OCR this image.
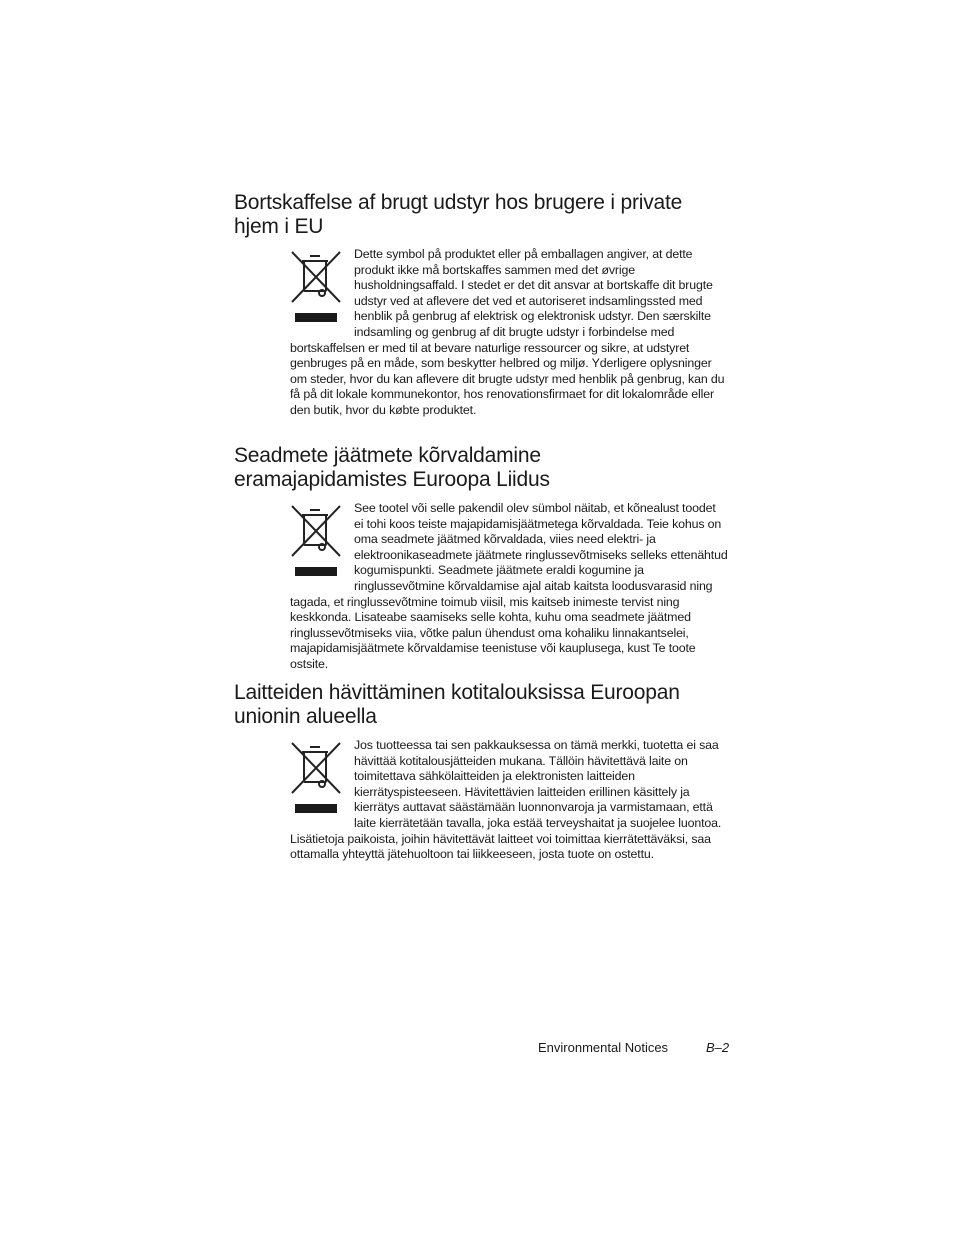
Bortskaffelse af brugt udstyr hos brugere i private hjem i EU

Dette symbol på produktet eller på emballagen angiver, at dette produkt ikke må bortskaffes sammen med det øvrige husholdningsaffald. I stedet er det dit ansvar at bortskaffe dit brugte udstyr ved at aflevere det ved et autoriseret indsamlingssted med henblik på genbrug af elektrisk og elektronisk udstyr. Den særskilte indsamling og genbrug af dit brugte udstyr i forbindelse med bortskaffelsen er med til at bevare naturlige ressourcer og sikre, at udstyret genbruges på en måde, som beskytter helbred og miljø. Yderligere oplysninger om steder, hvor du kan aflevere dit brugte udstyr med henblik på genbrug, kan du få på dit lokale kommunekontor, hos renovationsfirmaet for dit lokalområde eller den butik, hvor du købte produktet.

Seadmete jäätmete kõrvaldamine eramajapidamistes Euroopa Liidus

See tootel või selle pakendil olev sümbol näitab, et kõnealust toodet ei tohi koos teiste majapidamisjäätmetega kõrvaldada. Teie kohus on oma seadmete jäätmed kõrvaldada, viies need elektri- ja elektroonikaseadmete jäätmete ringlussevõtmiseks selleks ettenähtud kogumispunkti. Seadmete jäätmete eraldi kogumine ja ringlussevõtmine kõrvaldamise ajal aitab kaitsta loodusvarasid ning tagada, et ringlussevõtmine toimub viisil, mis kaitseb inimeste tervist ning keskkonda. Lisateabe saamiseks selle kohta, kuhu oma seadmete jäätmed ringlussevõtmiseks viia, võtke palun ühendust oma kohaliku linnakantselei, majapidamisjäätmete kõrvaldamise teenistuse või kauplusega, kust Te toote ostsite.

Laitteiden hävittäminen kotitalouksissa Euroopan unionin alueella

Jos tuotteessa tai sen pakkauksessa on tämä merkki, tuotetta ei saa hävittää kotitalousjätteiden mukana. Tällöin hävitettävä laite on toimitettava sähkölaitteiden ja elektronisten laitteiden kierrätyspisteeseen. Hävitettävien laitteiden erillinen käsittely ja kierrätys auttavat säästämään luonnonvaroja ja varmistamaan, että laite kierrätetään tavalla, joka estää terveyshaitat ja suojelee luontoa. Lisätietoja paikoista, joihin hävitettävät laitteet voi toimittaa kierrätettäväksi, saa ottamalla yhteyttä jätehuoltoon tai liikkeeseen, josta tuote on ostettu.

Environmental Notices	B–2
